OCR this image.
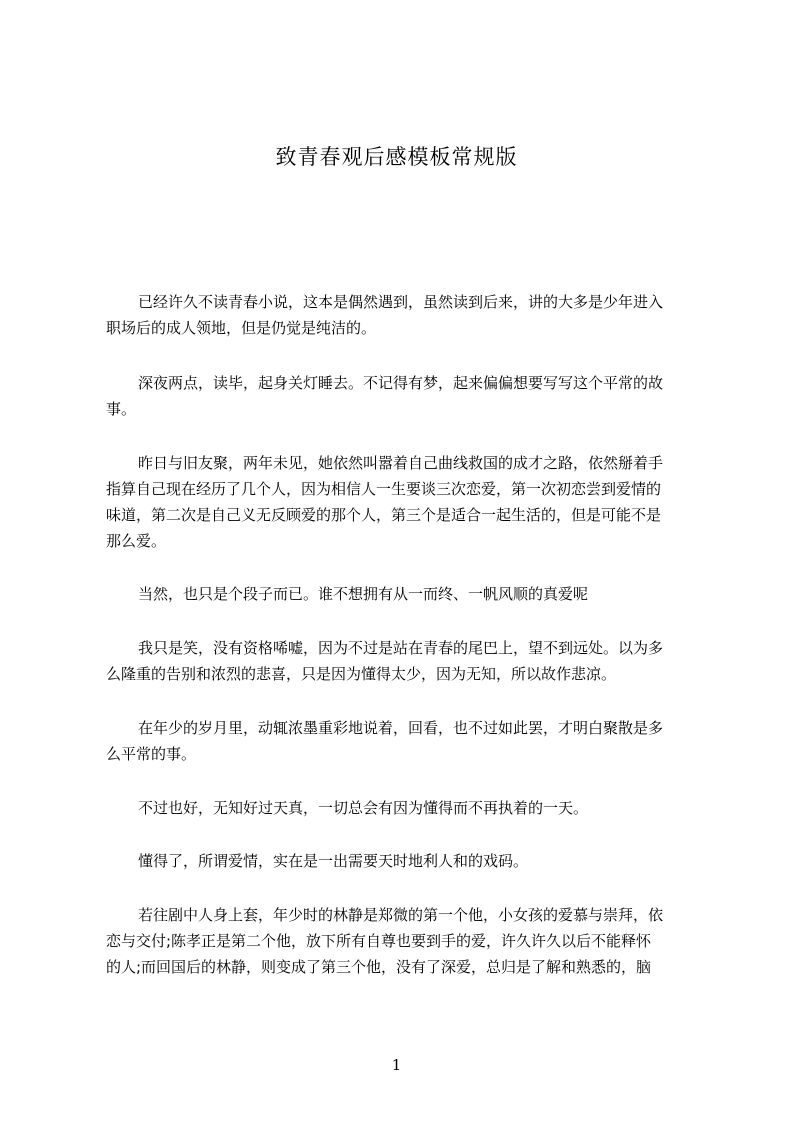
致青春观后感模板常规版
已经许久不读青春小说，这本是偶然遇到，虽然读到后来，讲的大多是少年进入
职场后的成人领地，但是仍觉是纯洁的。
深夜两点，读毕，起身关灯睡去。不记得有梦，起来偏偏想要写写这个平常的故
事。
昨日与旧友聚，两年未见，她依然叫嚣着自己曲线救国的成才之路，依然掰着手
指算自己现在经历了几个人，因为相信人一生要谈三次恋爱，第一次初恋尝到爱情的
味道，第二次是自己义无反顾爱的那个人，第三个是适合一起生活的，但是可能不是
那么爱。
当然，也只是个段子而已。谁不想拥有从一而终、一帆风顺的真爱呢
我只是笑，没有资格唏嘘，因为不过是站在青春的尾巴上，望不到远处。以为多
么隆重的告别和浓烈的悲喜，只是因为懂得太少，因为无知，所以故作悲凉。
在年少的岁月里，动辄浓墨重彩地说着，回看，也不过如此罢，才明白聚散是多
么平常的事。
不过也好，无知好过天真，一切总会有因为懂得而不再执着的一天。
懂得了，所谓爱情，实在是一出需要天时地利人和的戏码。
若往剧中人身上套，年少时的林静是郑微的第一个他，小女孩的爱慕与崇拜，依
恋与交付;陈孝正是第二个他，放下所有自尊也要到手的爱，许久许久以后不能释怀
的人;而回国后的林静，则变成了第三个他，没有了深爱，总归是了解和熟悉的，脑
1
